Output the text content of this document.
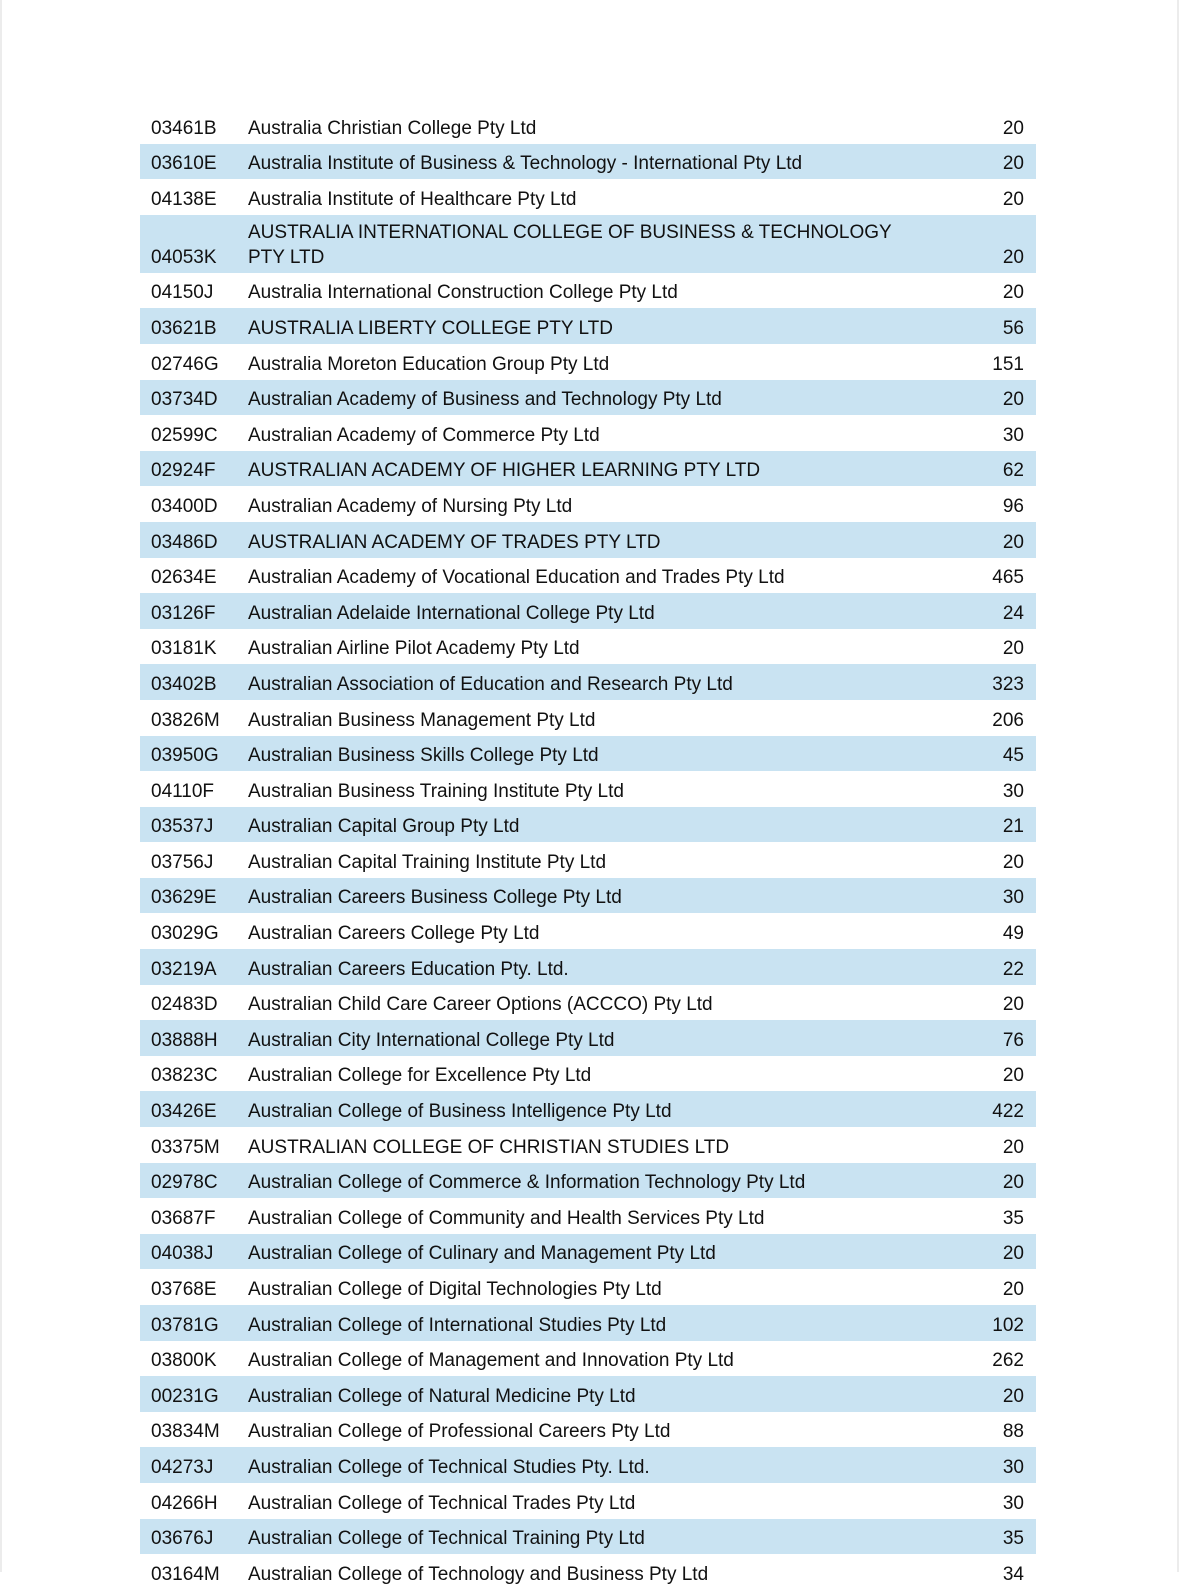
03461B	Australia Christian College Pty Ltd	20
03610E	Australia Institute of Business & Technology - International Pty Ltd	20
04138E	Australia Institute of Healthcare Pty Ltd	20
04053K	AUSTRALIA INTERNATIONAL COLLEGE OF BUSINESS & TECHNOLOGY PTY LTD	20
04150J	Australia International Construction College Pty Ltd	20
03621B	AUSTRALIA LIBERTY COLLEGE PTY LTD	56
02746G	Australia Moreton Education Group Pty Ltd	151
03734D	Australian Academy of Business and Technology Pty Ltd	20
02599C	Australian Academy of Commerce Pty Ltd	30
02924F	AUSTRALIAN ACADEMY OF HIGHER LEARNING PTY LTD	62
03400D	Australian Academy of Nursing Pty Ltd	96
03486D	AUSTRALIAN ACADEMY OF TRADES PTY LTD	20
02634E	Australian Academy of Vocational Education and Trades Pty Ltd	465
03126F	Australian Adelaide International College Pty Ltd	24
03181K	Australian Airline Pilot Academy Pty Ltd	20
03402B	Australian Association of Education and Research Pty Ltd	323
03826M	Australian Business Management Pty Ltd	206
03950G	Australian Business Skills College Pty Ltd	45
04110F	Australian Business Training Institute Pty Ltd	30
03537J	Australian Capital Group Pty Ltd	21
03756J	Australian Capital Training Institute Pty Ltd	20
03629E	Australian Careers Business College Pty Ltd	30
03029G	Australian Careers College Pty Ltd	49
03219A	Australian Careers Education Pty. Ltd.	22
02483D	Australian Child Care Career Options (ACCCO) Pty Ltd	20
03888H	Australian City International College Pty Ltd	76
03823C	Australian College for Excellence Pty Ltd	20
03426E	Australian College of Business Intelligence Pty Ltd	422
03375M	AUSTRALIAN COLLEGE OF CHRISTIAN STUDIES LTD	20
02978C	Australian College of Commerce & Information Technology Pty Ltd	20
03687F	Australian College of Community and Health Services Pty Ltd	35
04038J	Australian College of Culinary and Management Pty Ltd	20
03768E	Australian College of Digital Technologies Pty Ltd	20
03781G	Australian College of International Studies Pty Ltd	102
03800K	Australian College of Management and Innovation Pty Ltd	262
00231G	Australian College of Natural Medicine Pty Ltd	20
03834M	Australian College of Professional Careers Pty Ltd	88
04273J	Australian College of Technical Studies Pty. Ltd.	30
04266H	Australian College of Technical Trades Pty Ltd	30
03676J	Australian College of Technical Training Pty Ltd	35
03164M	Australian College of Technology and Business Pty Ltd	34
